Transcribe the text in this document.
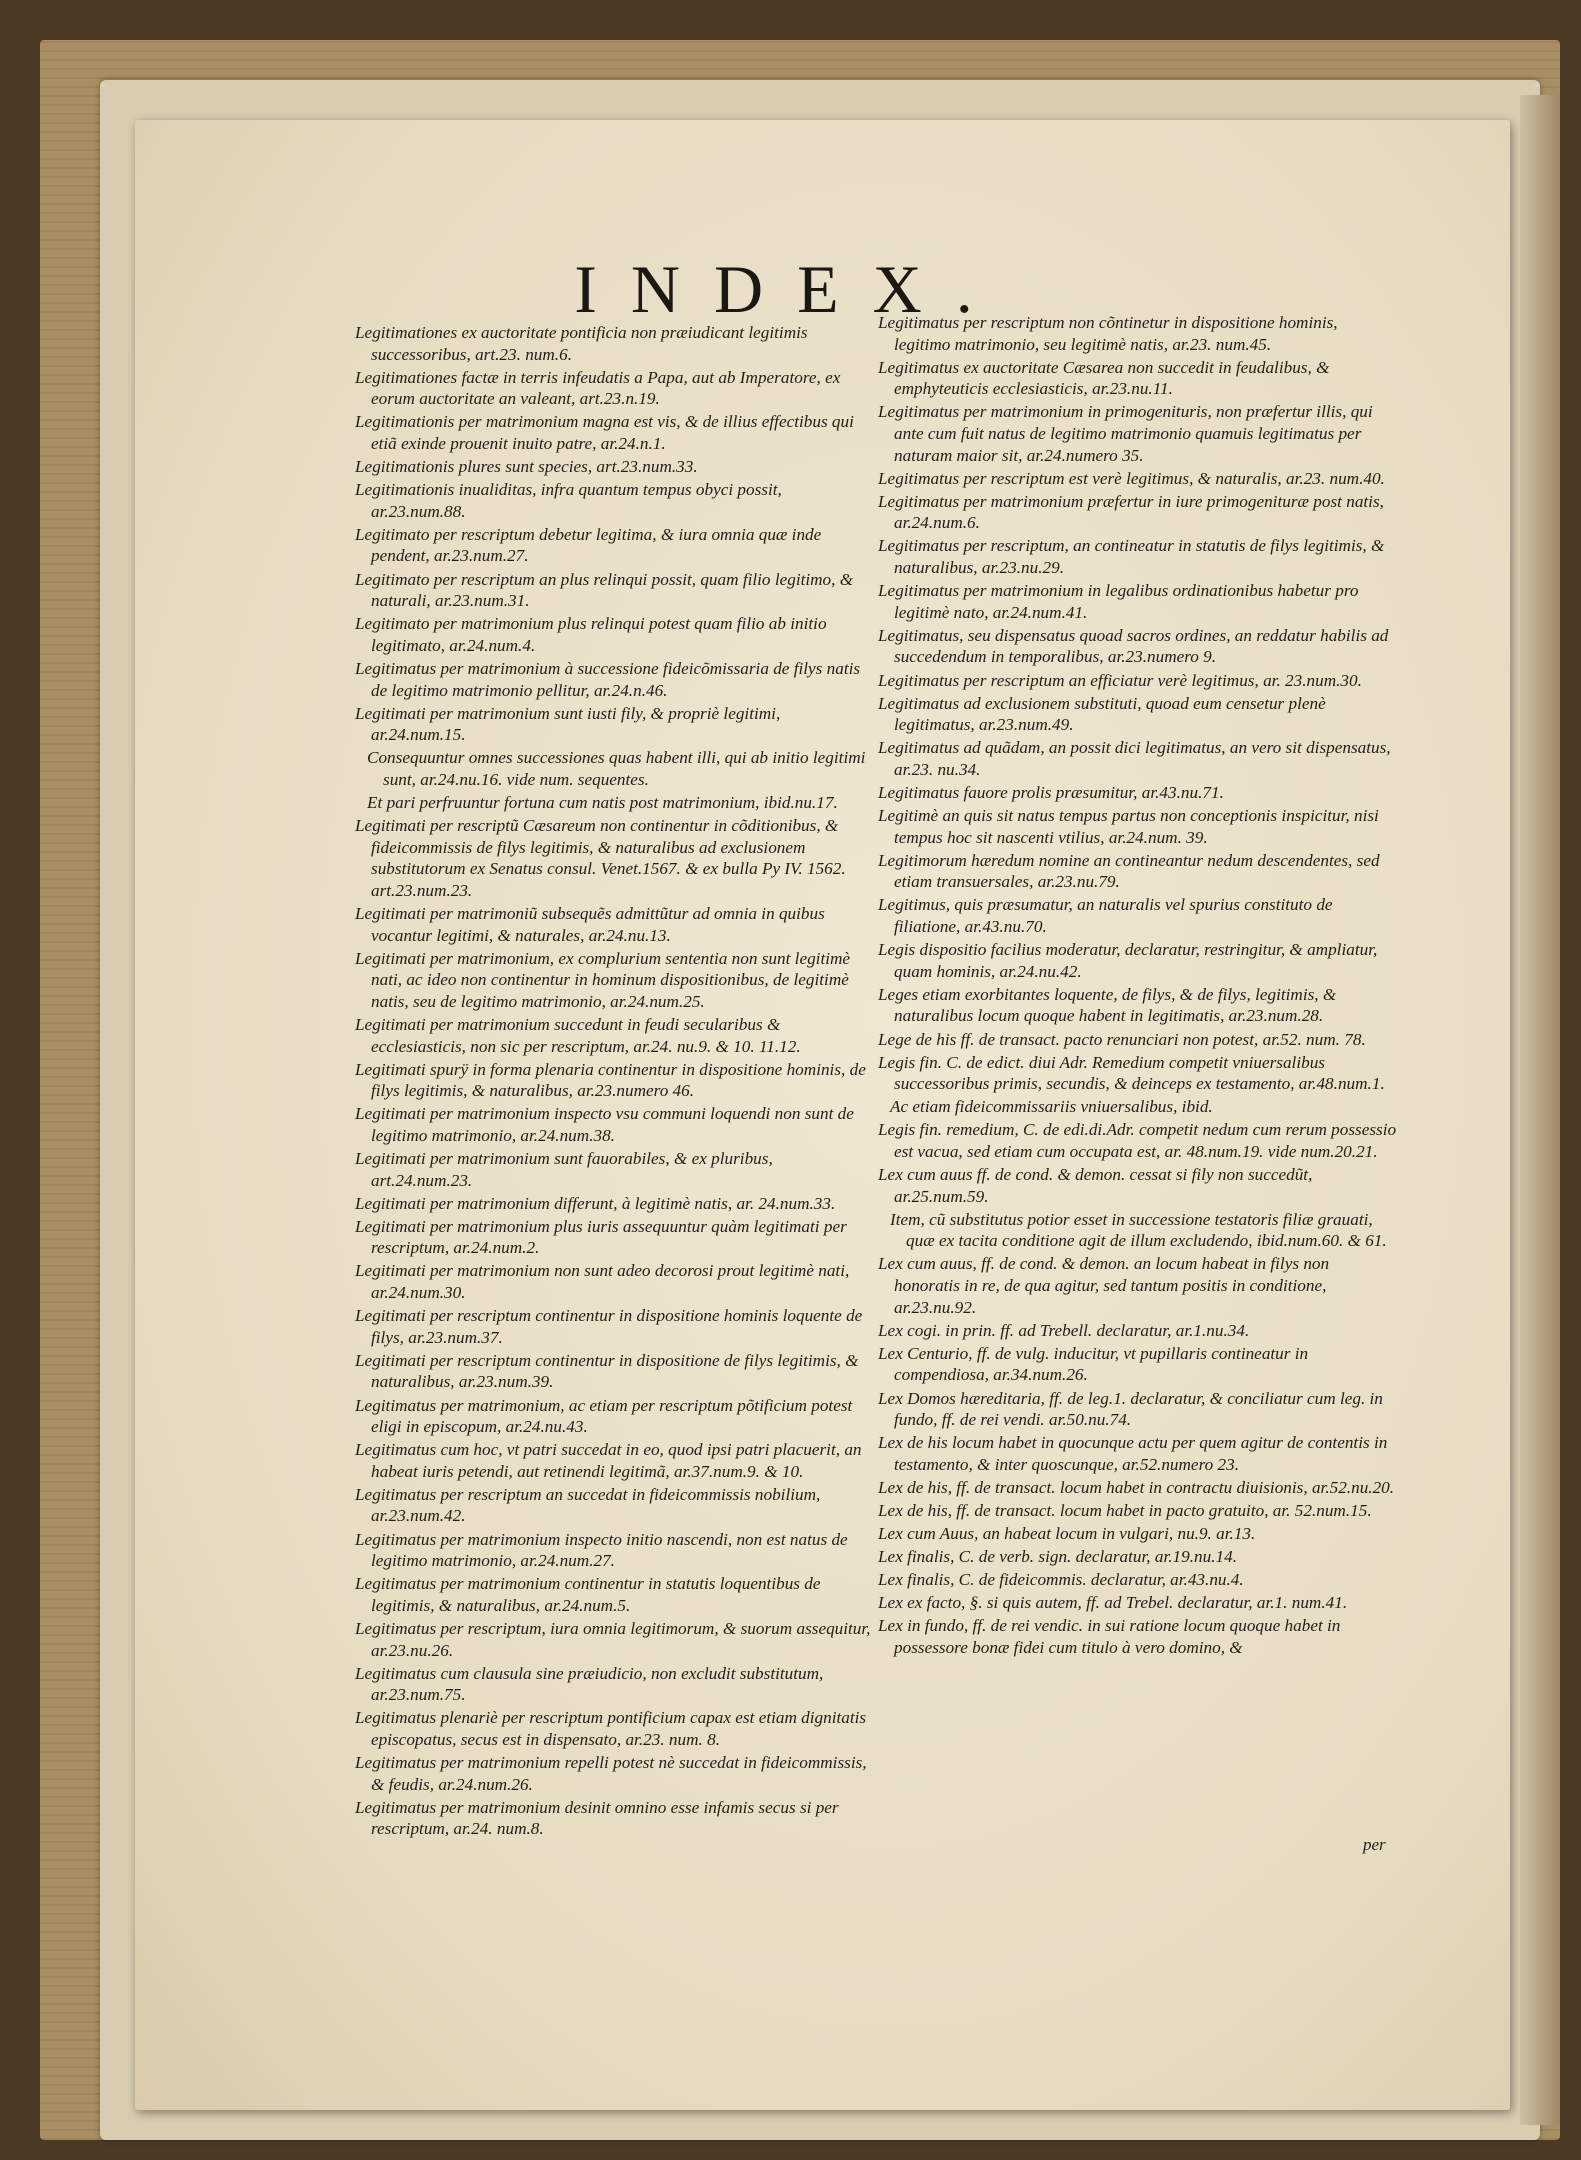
INDEX.

Legitimationes ex auctoritate pontificia non præiudicant legitimis successoribus, art.23. num.6.

Legitimationes factæ in terris infeudatis a Papa, aut ab Imperatore, ex eorum auctoritate an valeant, art.23.n.19.

Legitimationis per matrimonium magna est vis, & de illius effectibus qui etiã exinde prouenit inuito patre, ar.24.n.1.

Legitimationis plures sunt species, art.23.num.33.

Legitimationis inualiditas, infra quantum tempus obyci possit, ar.23.num.88.

Legitimato per rescriptum debetur legitima, & iura omnia quæ inde pendent, ar.23.num.27.

Legitimato per rescriptum an plus relinqui possit, quam filio legitimo, & naturali, ar.23.num.31.

Legitimato per matrimonium plus relinqui potest quam filio ab initio legitimato, ar.24.num.4.

Legitimatus per matrimonium à successione fideicõmissaria de filys natis de legitimo matrimonio pellitur, ar.24.n.46.

Legitimati per matrimonium sunt iusti fily, & propriè legitimi, ar.24.num.15.

Consequuntur omnes successiones quas habent illi, qui ab initio legitimi sunt, ar.24.nu.16. vide num. sequentes.

Et pari perfruuntur fortuna cum natis post matrimonium, ibid.nu.17.

Legitimati per rescriptũ Cæsareum non continentur in cõditionibus, & fideicommissis de filys legitimis, & naturalibus ad exclusionem substitutorum ex Senatus consul. Venet.1567. & ex bulla Py IV. 1562. art.23.num.23.

Legitimati per matrimoniũ subsequẽs admittũtur ad omnia in quibus vocantur legitimi, & naturales, ar.24.nu.13.

Legitimati per matrimonium, ex complurium sententia non sunt legitimè nati, ac ideo non continentur in hominum dispositionibus, de legitimè natis, seu de legitimo matrimonio, ar.24.num.25.

Legitimati per matrimonium succedunt in feudi secularibus & ecclesiasticis, non sic per rescriptum, ar.24. nu.9. & 10. 11.12.

Legitimati spurÿ in forma plenaria continentur in dispositione hominis, de filys legitimis, & naturalibus, ar.23.numero 46.

Legitimati per matrimonium inspecto vsu communi loquendi non sunt de legitimo matrimonio, ar.24.num.38.

Legitimati per matrimonium sunt fauorabiles, & ex pluribus, art.24.num.23.

Legitimati per matrimonium differunt, à legitimè natis, ar. 24.num.33.

Legitimati per matrimonium plus iuris assequuntur quàm legitimati per rescriptum, ar.24.num.2.

Legitimati per matrimonium non sunt adeo decorosi prout legitimè nati, ar.24.num.30.

Legitimati per rescriptum continentur in dispositione hominis loquente de filys, ar.23.num.37.

Legitimati per rescriptum continentur in dispositione de filys legitimis, & naturalibus, ar.23.num.39.

Legitimatus per matrimonium, ac etiam per rescriptum põtificium potest eligi in episcopum, ar.24.nu.43.

Legitimatus cum hoc, vt patri succedat in eo, quod ipsi patri placuerit, an habeat iuris petendi, aut retinendi legitimã, ar.37.num.9. & 10.

Legitimatus per rescriptum an succedat in fideicommissis nobilium, ar.23.num.42.

Legitimatus per matrimonium inspecto initio nascendi, non est natus de legitimo matrimonio, ar.24.num.27.

Legitimatus per matrimonium continentur in statutis loquentibus de legitimis, & naturalibus, ar.24.num.5.

Legitimatus per rescriptum, iura omnia legitimorum, & suorum assequitur, ar.23.nu.26.

Legitimatus cum clausula sine præiudicio, non excludit substitutum, ar.23.num.75.

Legitimatus plenariè per rescriptum pontificium capax est etiam dignitatis episcopatus, secus est in dispensato, ar.23. num. 8.

Legitimatus per matrimonium repelli potest nè succedat in fideicommissis, & feudis, ar.24.num.26.

Legitimatus per matrimonium desinit omnino esse infamis secus si per rescriptum, ar.24. num.8.

Legitimatus per rescriptum non cõntinetur in dispositione hominis, legitimo matrimonio, seu legitimè natis, ar.23. num.45.

Legitimatus ex auctoritate Cæsarea non succedit in feudalibus, & emphyteuticis ecclesiasticis, ar.23.nu.11.

Legitimatus per matrimonium in primogenituris, non præfertur illis, qui ante cum fuit natus de legitimo matrimonio quamuis legitimatus per naturam maior sit, ar.24.numero 35.

Legitimatus per rescriptum est verè legitimus, & naturalis, ar.23. num.40.

Legitimatus per matrimonium præfertur in iure primogenituræ post natis, ar.24.num.6.

Legitimatus per rescriptum, an contineatur in statutis de filys legitimis, & naturalibus, ar.23.nu.29.

Legitimatus per matrimonium in legalibus ordinationibus habetur pro legitimè nato, ar.24.num.41.

Legitimatus, seu dispensatus quoad sacros ordines, an reddatur habilis ad succedendum in temporalibus, ar.23.numero 9.

Legitimatus per rescriptum an efficiatur verè legitimus, ar. 23.num.30.

Legitimatus ad exclusionem substituti, quoad eum censetur plenè legitimatus, ar.23.num.49.

Legitimatus ad quãdam, an possit dici legitimatus, an vero sit dispensatus, ar.23. nu.34.

Legitimatus fauore prolis præsumitur, ar.43.nu.71.

Legitimè an quis sit natus tempus partus non conceptionis inspicitur, nisi tempus hoc sit nascenti vtilius, ar.24.num. 39.

Legitimorum hæredum nomine an contineantur nedum descendentes, sed etiam transuersales, ar.23.nu.79.

Legitimus, quis præsumatur, an naturalis vel spurius constituto de filiatione, ar.43.nu.70.

Legis dispositio facilius moderatur, declaratur, restringitur, & ampliatur, quam hominis, ar.24.nu.42.

Leges etiam exorbitantes loquente, de filys, & de filys, legitimis, & naturalibus locum quoque habent in legitimatis, ar.23.num.28.

Lege de his ff. de transact. pacto renunciari non potest, ar.52. num. 78.

Legis fin. C. de edict. diui Adr. Remedium competit vniuersalibus successoribus primis, secundis, & deinceps ex testamento, ar.48.num.1.

Ac etiam fideicommissariis vniuersalibus, ibid.

Legis fin. remedium, C. de edi.di.Adr. competit nedum cum rerum possessio est vacua, sed etiam cum occupata est, ar. 48.num.19. vide num.20.21.

Lex cum auus ff. de cond. & demon. cessat si fily non succedũt, ar.25.num.59.

Item, cũ substitutus potior esset in successione testatoris filiæ grauati, quæ ex tacita conditione agit de illum excludendo, ibid.num.60. & 61.

Lex cum auus, ff. de cond. & demon. an locum habeat in filys non honoratis in re, de qua agitur, sed tantum positis in conditione, ar.23.nu.92.

Lex cogi. in prin. ff. ad Trebell. declaratur, ar.1.nu.34.

Lex Centurio, ff. de vulg. inducitur, vt pupillaris contineatur in compendiosa, ar.34.num.26.

Lex Domos hæreditaria, ff. de leg.1. declaratur, & conciliatur cum leg. in fundo, ff. de rei vendi. ar.50.nu.74.

Lex de his locum habet in quocunque actu per quem agitur de contentis in testamento, & inter quoscunque, ar.52.numero 23.

Lex de his, ff. de transact. locum habet in contractu diuisionis, ar.52.nu.20.

Lex de his, ff. de transact. locum habet in pacto gratuito, ar. 52.num.15.

Lex cum Auus, an habeat locum in vulgari, nu.9. ar.13.

Lex finalis, C. de verb. sign. declaratur, ar.19.nu.14.

Lex finalis, C. de fideicommis. declaratur, ar.43.nu.4.

Lex ex facto, §. si quis autem, ff. ad Trebel. declaratur, ar.1. num.41.

Lex in fundo, ff. de rei vendic. in sui ratione locum quoque habet in possessore bonæ fidei cum titulo à vero domino, &

per
